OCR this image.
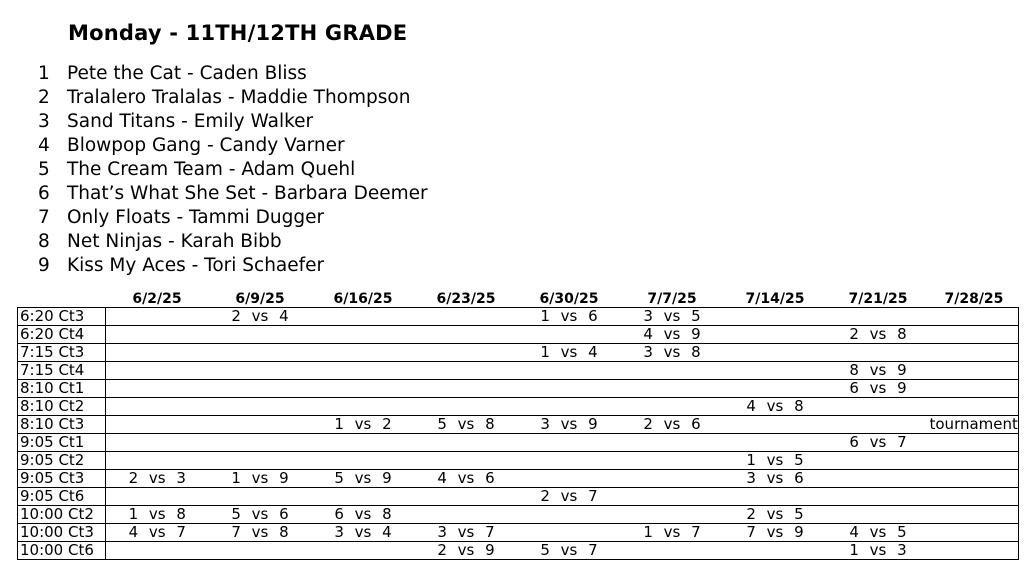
Monday - 11TH/12TH GRADE
1 Pete the Cat - Caden Bliss
2 Tralalero Tralalas - Maddie Thompson
3 Sand Titans - Emily Walker
4 Blowpop Gang - Candy Varner
5 The Cream Team - Adam Quehl
6 That’s What She Set - Barbara Deemer
7 Only Floats - Tammi Dugger
8 Net Ninjas - Karah Bibb
9 Kiss My Aces - Tori Schaefer
	6/2/25	6/9/25	6/16/25	6/23/25	6/30/25	7/7/25	7/14/25	7/21/25	7/28/25
6:20 Ct3		2 vs 4			1 vs 6	3 vs 5			
6:20 Ct4						4 vs 9		2 vs 8	
7:15 Ct3					1 vs 4	3 vs 8			
7:15 Ct4								8 vs 9	
8:10 Ct1								6 vs 9	
8:10 Ct2							4 vs 8		
8:10 Ct3			1 vs 2	5 vs 8	3 vs 9	2 vs 6			tournament
9:05 Ct1								6 vs 7	
9:05 Ct2							1 vs 5		
9:05 Ct3	2 vs 3	1 vs 9	5 vs 9	4 vs 6			3 vs 6		
9:05 Ct6					2 vs 7				
10:00 Ct2	1 vs 8	5 vs 6	6 vs 8				2 vs 5		
10:00 Ct3	4 vs 7	7 vs 8	3 vs 4	3 vs 7		1 vs 7	7 vs 9	4 vs 5	
10:00 Ct6				2 vs 9	5 vs 7			1 vs 3	
